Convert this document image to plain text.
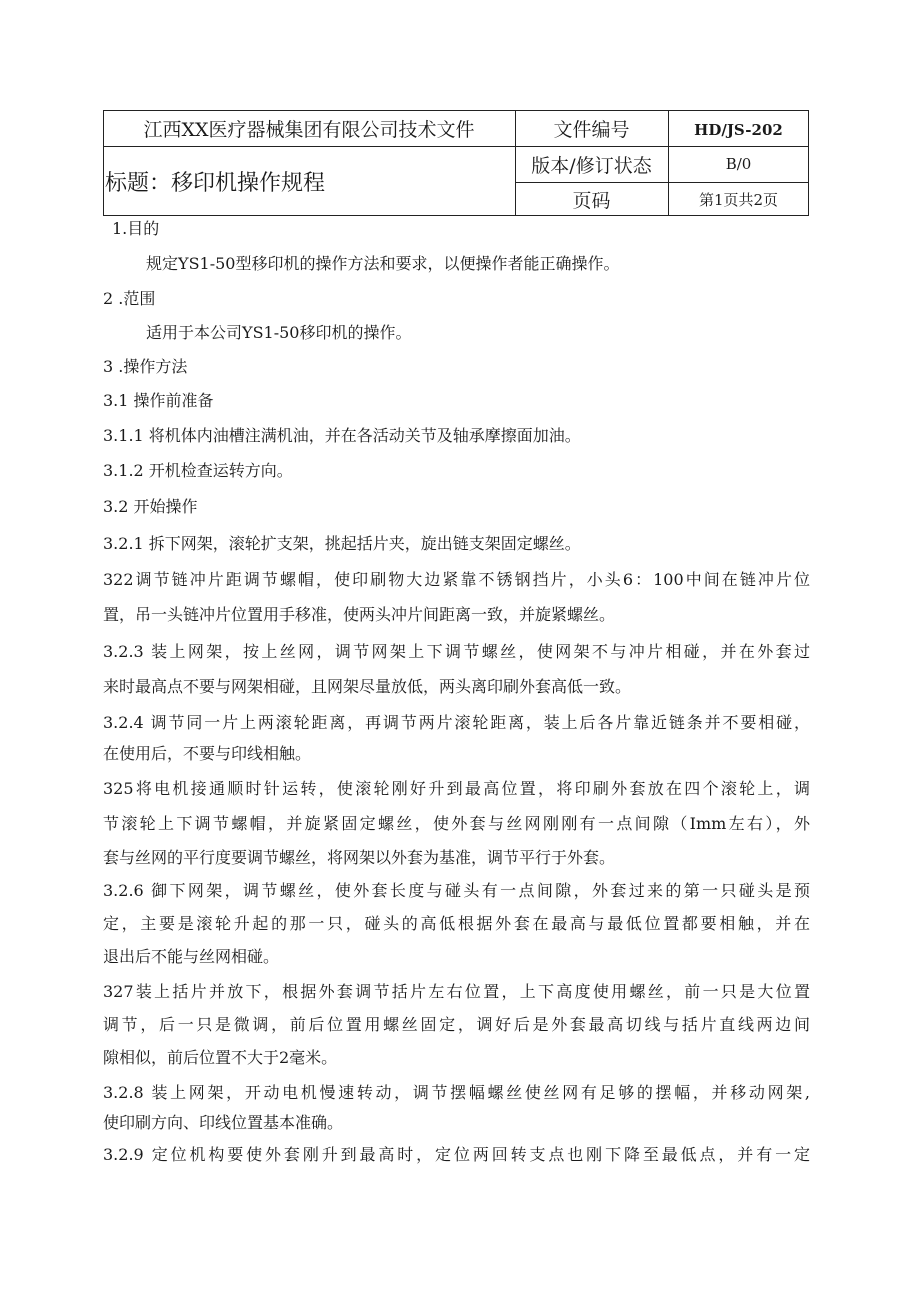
江西XX医疗器械集团有限公司技术文件
标题：移印机操作规程
文件编号
版本/修订状态
页码
HD/JS-202
B/0
第1页共2页
1.目的
规定YS1-50型移印机的操作方法和要求，以便操作者能正确操作。
2 .范围
适用于本公司YS1-50移印机的操作。
3 .操作方法
3.1 操作前准备
3.1.1 将机体内油槽注满机油，并在各活动关节及轴承摩擦面加油。
3.1.2 开机检查运转方向。
3.2 开始操作
3.2.1 拆下网架，滚轮扩支架，挑起括片夹，旋出链支架固定螺丝。
322调节链冲片距调节螺帽，使印刷物大边紧靠不锈钢挡片，小头6：100中间在链冲片位
置，吊一头链冲片位置用手移准，使两头冲片间距离一致，并旋紧螺丝。
3.2.3 装上网架，按上丝网，调节网架上下调节螺丝，使网架不与冲片相碰，并在外套过
来时最高点不要与网架相碰，且网架尽量放低，两头离印刷外套高低一致。
3.2.4 调节同一片上两滚轮距离，再调节两片滚轮距离，装上后各片靠近链条并不要相碰，
在使用后，不要与印线相触。
325将电机接通顺时针运转，使滚轮刚好升到最高位置，将印刷外套放在四个滚轮上，调
节滚轮上下调节螺帽，并旋紧固定螺丝，使外套与丝网刚刚有一点间隙（Imm左右），外
套与丝网的平行度要调节螺丝，将网架以外套为基准，调节平行于外套。
3.2.6 御下网架，调节螺丝，使外套长度与碰头有一点间隙，外套过来的第一只碰头是预
定，主要是滚轮升起的那一只，碰头的高低根据外套在最高与最低位置都要相触，并在
退出后不能与丝网相碰。
327装上括片并放下，根据外套调节括片左右位置，上下高度使用螺丝，前一只是大位置
调节，后一只是微调，前后位置用螺丝固定，调好后是外套最高切线与括片直线两边间
隙相似，前后位置不大于2毫米。
3.2.8 装上网架，开动电机慢速转动，调节摆幅螺丝使丝网有足够的摆幅，并移动网架,
使印刷方向、印线位置基本准确。
3.2.9 定位机构要使外套刚升到最高时，定位两回转支点也刚下降至最低点，并有一定
